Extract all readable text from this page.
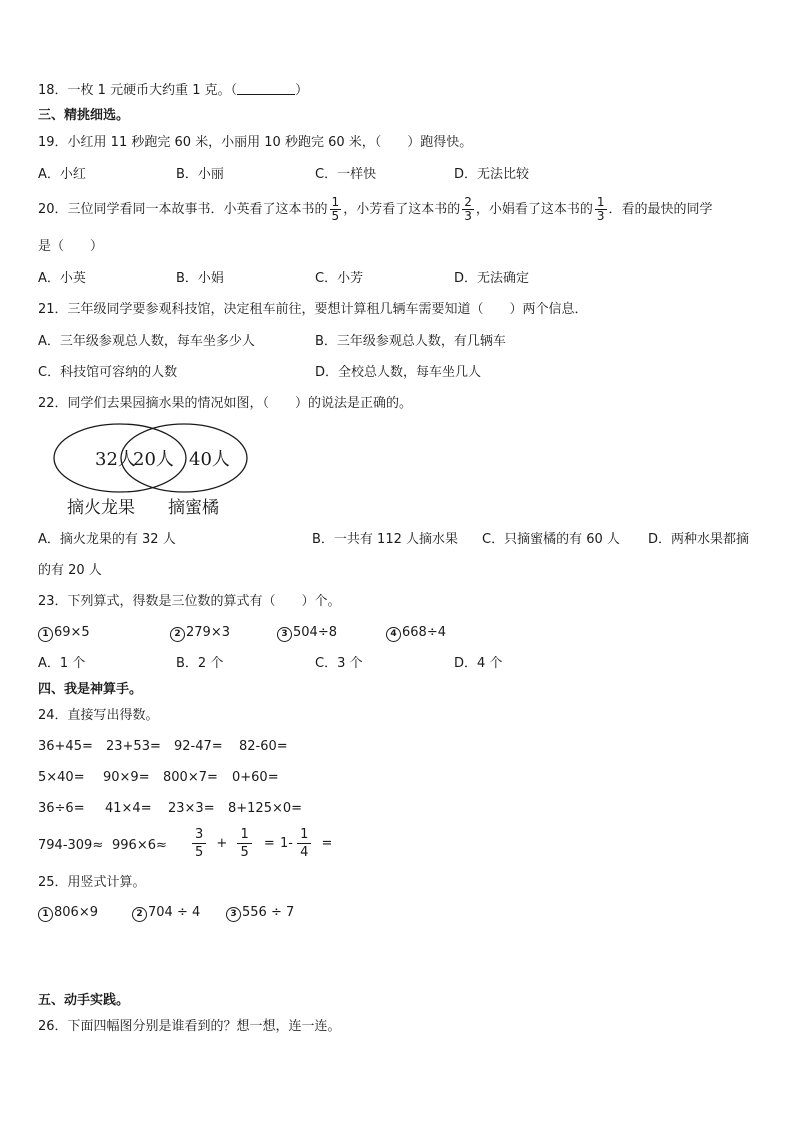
18．一枚 1 元硬币大约重 1 克。（	）
三、精挑细选。
19．小红用 11 秒跑完 60 米，小丽用 10 秒跑完 60 米，（　　）跑得快。
A．小红	B．小丽	C．一样快	D．无法比较
20．三位同学看同一本故事书．小英看了这本书的 $\frac{1}{5}$ ，小芳看了这本书的 $\frac{2}{3}$ ，小娟看了这本书的 $\frac{1}{3}$ ．看的最快的同学
是（　　）
A．小英	B．小娟	C．小芳	D．无法确定
21．三年级同学要参观科技馆，决定租车前往，要想计算租几辆车需要知道（　　）两个信息．
A．三年级参观总人数，每车坐多少人	B．三年级参观总人数，有几辆车
C．科技馆可容纳的人数	D．全校总人数，每车坐几人
22．同学们去果园摘水果的情况如图，（　　）的说法是正确的。
32人
20人 40人
摘火龙果 摘蜜橘
A．摘火龙果的有 32 人	B．一共有 112 人摘水果 C．只摘蜜橘的有 60 人 D．两种水果都摘
的有 20 人
23．下列算式，得数是三位数的算式有（　　）个。
1 69×5	2 279×3	3 504÷8	4 668÷4
A．1 个	B．2 个	C．3 个	D．4 个
四、我是神算手。
24．直接写出得数。
36+45= 23+53= 92-47= 82-60=
5×40= 90×9= 800×7= 0+60=
36÷6= 41×4= 23×3= 8+125×0=
$794-309\approx 996\times 6\approx \frac{3}{5} + \frac{1}{5} = 1- \frac{1}{4}$ =
25．用竖式计算。
1 806×9	2 704 ÷ 4	3 556 ÷ 7
五、动手实践。
26．下面四幅图分别是谁看到的？想一想，连一连。
